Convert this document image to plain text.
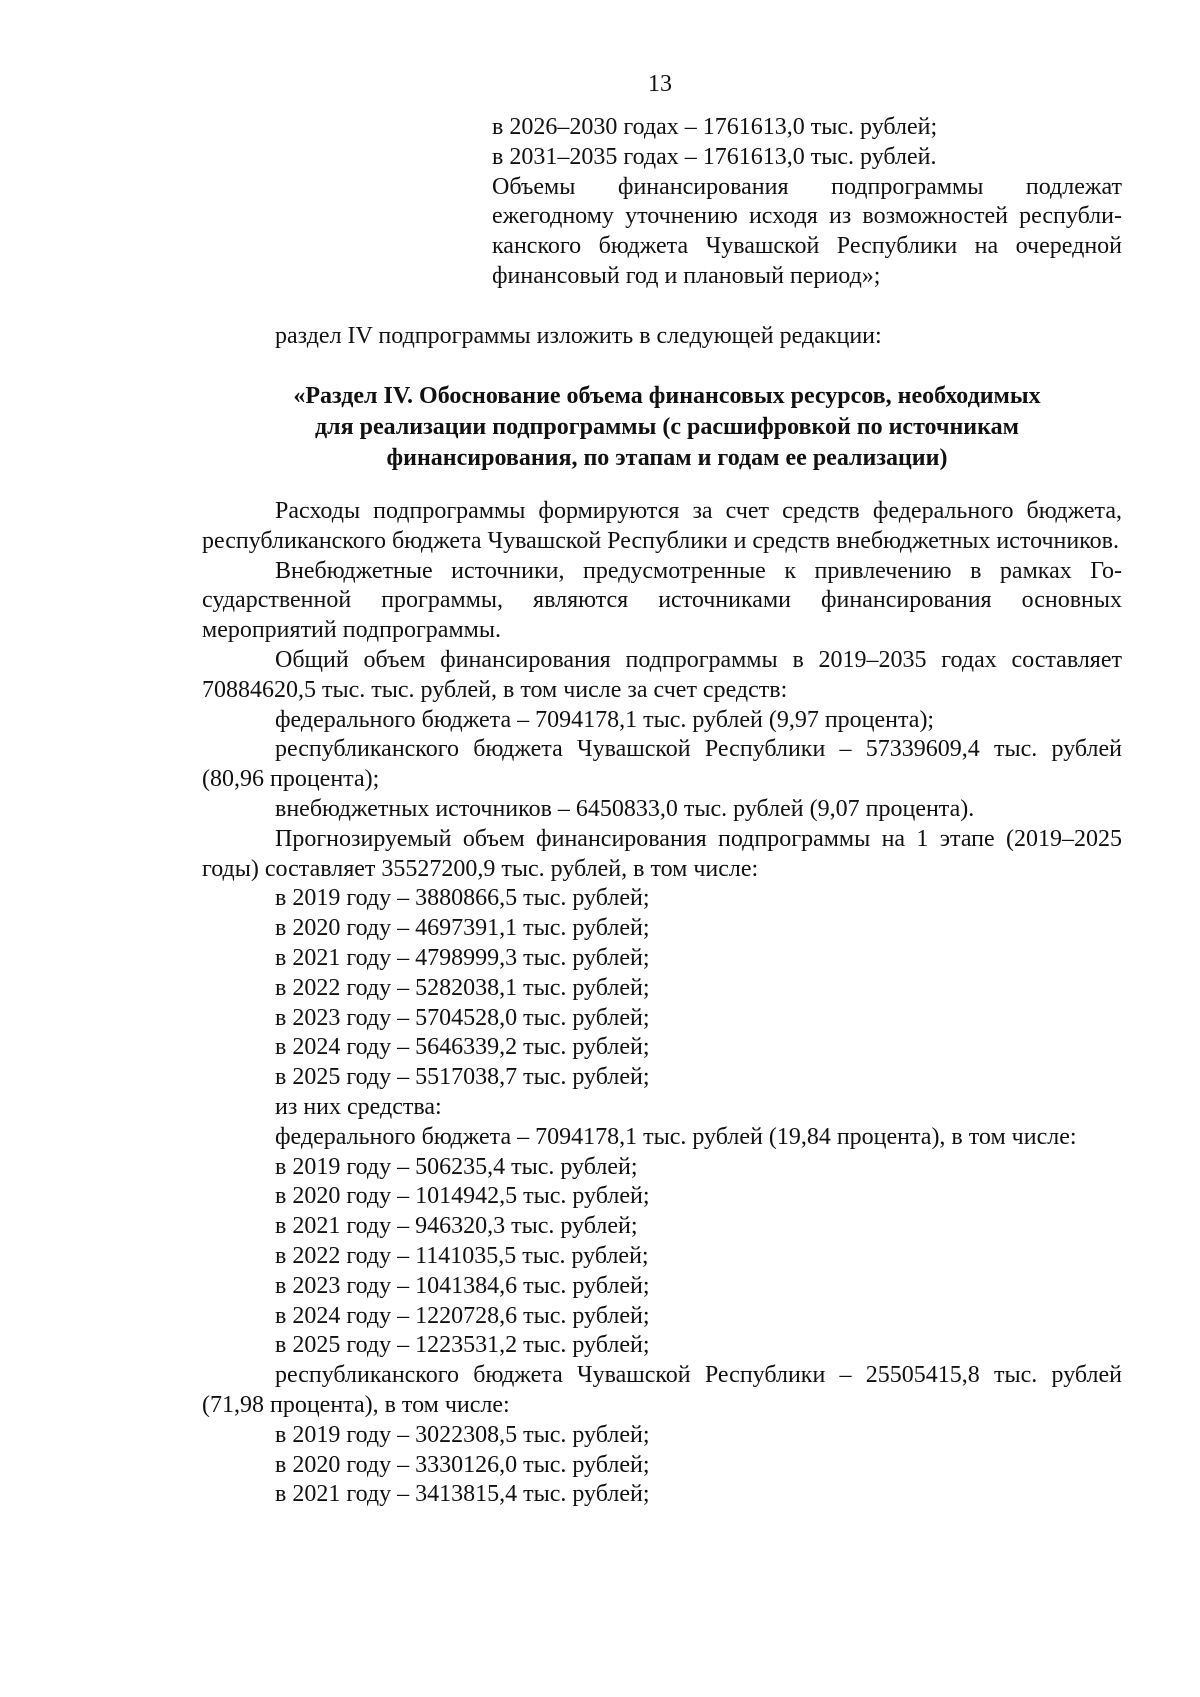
13
в 2026–2030 годах – 1761613,0 тыс. рублей;
в 2031–2035 годах – 1761613,0 тыс. рублей.
Объемы финансирования подпрограммы подлежат ежегодному уточнению исходя из возможностей республиканского бюджета Чувашской Республики на очередной финансовый год и плановый период»;
раздел IV подпрограммы изложить в следующей редакции:
«Раздел IV. Обоснование объема финансовых ресурсов, необходимых
для реализации подпрограммы (с расшифровкой по источникам
финансирования, по этапам и годам ее реализации)

Расходы подпрограммы формируются за счет средств федерального бюджета, республиканского бюджета Чувашской Республики и средств внебюджетных источников.

Внебюджетные источники, предусмотренные к привлечению в рамках Государственной программы, являются источниками финансирования основных мероприятий подпрограммы.

Общий объем финансирования подпрограммы в 2019–2035 годах составляет 70884620,5 тыс. тыс. рублей, в том числе за счет средств:

федерального бюджета – 7094178,1 тыс. рублей (9,97 процента);

республиканского бюджета Чувашской Республики – 57339609,4 тыс. рублей (80,96 процента);

внебюджетных источников – 6450833,0 тыс. рублей (9,07 процента).

Прогнозируемый объем финансирования подпрограммы на 1 этапе (2019–2025 годы) составляет 35527200,9 тыс. рублей, в том числе:

в 2019 году – 3880866,5 тыс. рублей;
в 2020 году – 4697391,1 тыс. рублей;
в 2021 году – 4798999,3 тыс. рублей;
в 2022 году – 5282038,1 тыс. рублей;
в 2023 году – 5704528,0 тыс. рублей;
в 2024 году – 5646339,2 тыс. рублей;
в 2025 году – 5517038,7 тыс. рублей;
из них средства:

федерального бюджета – 7094178,1 тыс. рублей (19,84 процента), в том числе:

в 2019 году – 506235,4 тыс. рублей;
в 2020 году – 1014942,5 тыс. рублей;
в 2021 году – 946320,3 тыс. рублей;
в 2022 году – 1141035,5 тыс. рублей;
в 2023 году – 1041384,6 тыс. рублей;
в 2024 году – 1220728,6 тыс. рублей;
в 2025 году – 1223531,2 тыс. рублей;

республиканского бюджета Чувашской Республики – 25505415,8 тыс. рублей (71,98 процента), в том числе:

в 2019 году – 3022308,5 тыс. рублей;
в 2020 году – 3330126,0 тыс. рублей;
в 2021 году – 3413815,4 тыс. рублей;
